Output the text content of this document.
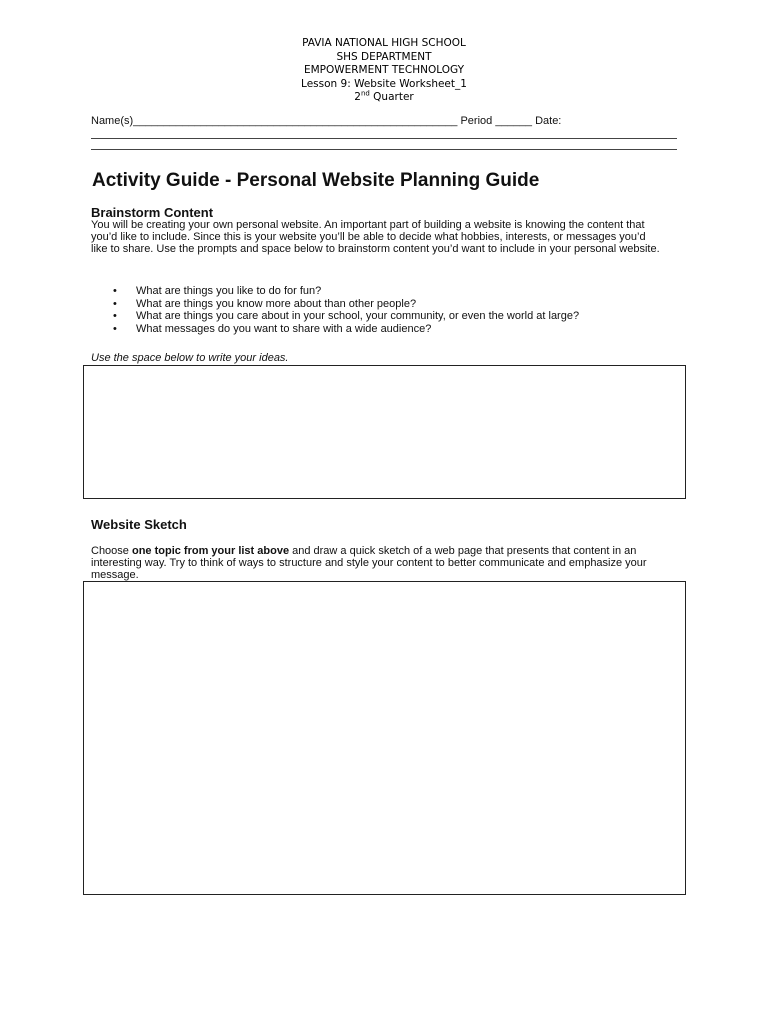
PAVIA NATIONAL HIGH SCHOOL
SHS DEPARTMENT
EMPOWERMENT TECHNOLOGY
Lesson 9: Website Worksheet_1
2nd Quarter
Name(s)_____________________________________________________ Period ______ Date:
Activity Guide - Personal Website Planning Guide
Brainstorm Content
You will be creating your own personal website. An important part of building a website is knowing the content that you’d like to include. Since this is your website you’ll be able to decide what hobbies, interests, or messages you’d like to share. Use the prompts and space below to brainstorm content you’d want to include in your personal website.
• What are things you like to do for fun?
• What are things you know more about than other people?
• What are things you care about in your school, your community, or even the world at large?
• What messages do you want to share with a wide audience?
Use the space below to write your ideas.
Website Sketch
Choose one topic from your list above and draw a quick sketch of a web page that presents that content in an interesting way. Try to think of ways to structure and style your content to better communicate and emphasize your message.
